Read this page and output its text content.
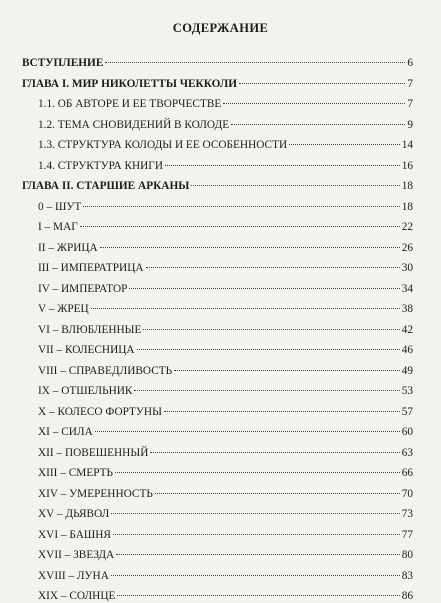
СОДЕРЖАНИЕ
ВСТУПЛЕНИЕ	6
ГЛАВА I. МИР НИКОЛЕТТЫ ЧЕККОЛИ	7
1.1. ОБ АВТОРЕ И ЕЕ ТВОРЧЕСТВЕ	7
1.2. ТЕМА СНОВИДЕНИЙ В КОЛОДЕ	9
1.3. СТРУКТУРА КОЛОДЫ И ЕЕ ОСОБЕННОСТИ	14
1.4. СТРУКТУРА КНИГИ	16
ГЛАВА II. СТАРШИЕ АРКАНЫ	18
0 – ШУТ	18
I – МАГ	22
II – ЖРИЦА	26
III – ИМПЕРАТРИЦА	30
IV – ИМПЕРАТОР	34
V – ЖРЕЦ	38
VI – ВЛЮБЛЕННЫЕ	42
VII – КОЛЕСНИЦА	46
VIII – СПРАВЕДЛИВОСТЬ	49
IX – ОТШЕЛЬНИК	53
X – КОЛЕСО ФОРТУНЫ	57
XI – СИЛА	60
XII – ПОВЕШЕННЫЙ	63
XIII – СМЕРТЬ	66
XIV – УМЕРЕННОСТЬ	70
XV – ДЬЯВОЛ	73
XVI – БАШНЯ	77
XVII – ЗВЕЗДА	80
XVIII – ЛУНА	83
XIX – СОЛНЦЕ	86
